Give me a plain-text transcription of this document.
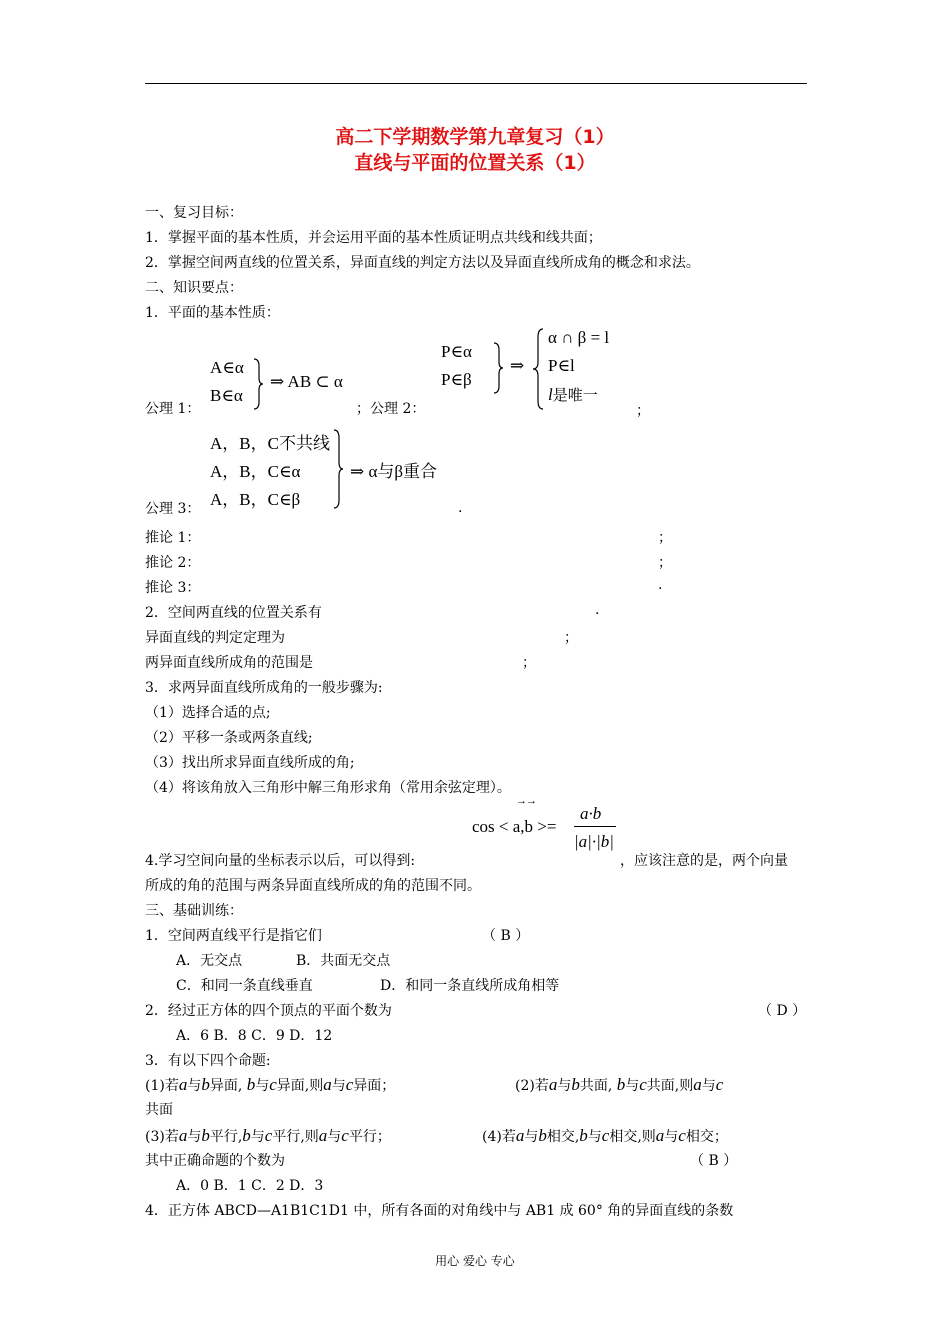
高二下学期数学第九章复习（1）
直线与平面的位置关系（1）
一、复习目标：
1．掌握平面的基本性质，并会运用平面的基本性质证明点共线和线共面；
2．掌握空间两直线的位置关系，异面直线的判定方法以及异面直线所成角的概念和求法。
二、知识要点：
1．平面的基本性质：
A∈α
B∈α
⇒ AB ⊂ α
公理 1：	；公理 2：
P∈α
P∈β
⇒
α ∩ β = l
P∈l
l是唯一
；
A，B，C不共线
A，B，C∈α
A，B，C∈β
⇒ α与β重合
公理 3：	.
推论 1：	；
推论 2：	；
推论 3：	.
2．空间两直线的位置关系有	.
异面直线的判定定理为	；
两异面直线所成角的范围是	；
3．求两异面直线所成角的一般步骤为:
（1）选择合适的点;
（2）平移一条或两条直线;
（3）找出所求异面直线所成的角;
（4）将该角放入三角形中解三角形求角（常用余弦定理）。
→→
cos < a,b >=
a·b
|a|·|b|
4.学习空间向量的坐标表示以后，可以得到:	，应该注意的是，两个向量
所成的角的范围与两条异面直线所成的角的范围不同。
三、基础训练：
1．空间两直线平行是指它们	（ B ）
A．无交点	B．共面无交点
C．和同一条直线垂直	D．和同一条直线所成角相等
2．经过正方体的四个顶点的平面个数为	（ D ）
A．6 B．8 C．9 D．12
3．有以下四个命题:
(1)若a与b异面, b与c异面,则a与c异面；	(2)若a与b共面, b与c共面,则a与c
共面
(3)若a与b平行,b与c平行,则a与c平行；	(4)若a与b相交,b与c相交,则a与c相交；
其中正确命题的个数为	（ B ）
A．0 B．1 C．2 D．3
4．正方体 ABCD—A1B1C1D1 中，所有各面的对角线中与 AB1 成 60° 角的异面直线的条数
用心 爱心 专心
